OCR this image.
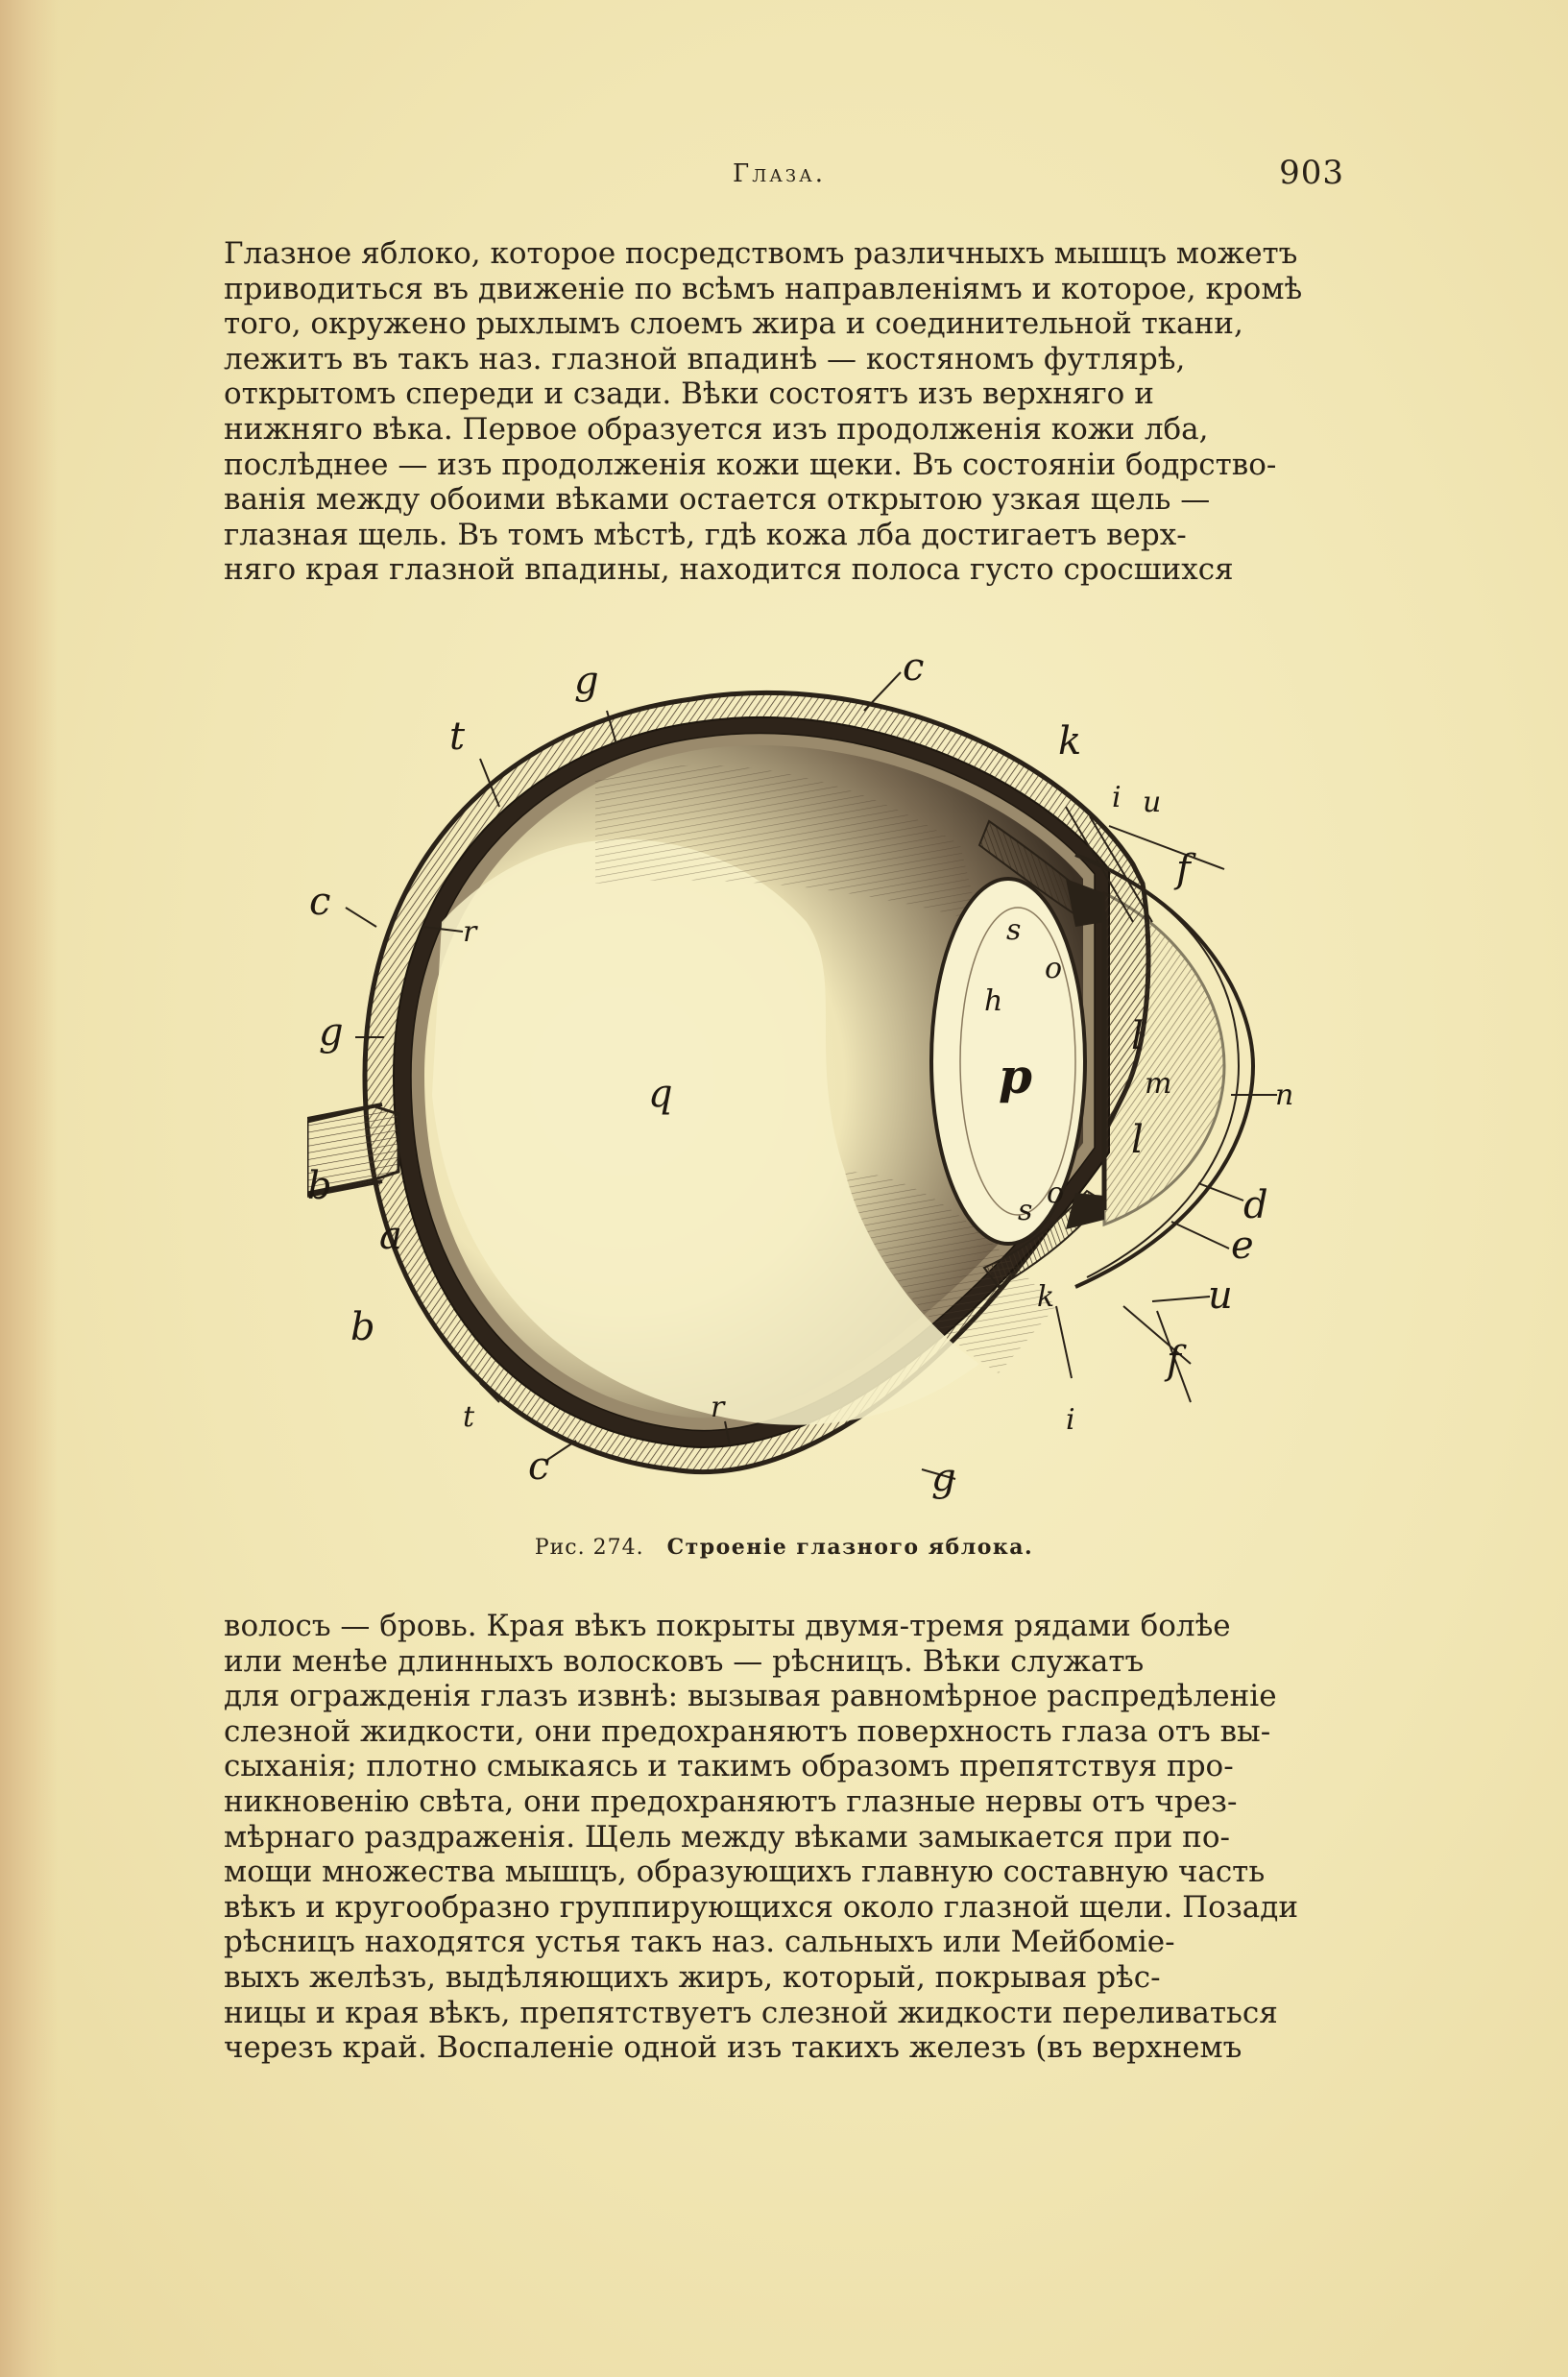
Глаза.	903
Глазное яблоко, которое посредствомъ различныхъ мышцъ можетъ
приводиться въ движеніе по всѣмъ направленіямъ и которое, кромѣ
того, окружено рыхлымъ слоемъ жира и соединительной ткани,
лежитъ въ такъ наз. глазной впадинѣ — костяномъ футлярѣ,
открытомъ спереди и сзади. Вѣки состоятъ изъ верхняго и
нижняго вѣка. Первое образуется изъ продолженія кожи лба,
послѣднее — изъ продолженія кожи щеки. Въ состояніи бодрство-
ванія между обоими вѣками остается открытою узкая щель —
глазная щель. Въ томъ мѣстѣ, гдѣ кожа лба достигаетъ верх-
няго края глазной впадины, находится полоса густо сросшихся
g	c
t	k
i u
f
c
r	s
o
h
g
q	p
l
m	n
l
b
a
o
s	d
e
k	u
b
f
r
t	i
c	g
Рис. 274. Строеніе глазного яблока.
волосъ — бровь. Края вѣкъ покрыты двумя-тремя рядами болѣе
или менѣе длинныхъ волосковъ — рѣсницъ. Вѣки служатъ
для огражденія глазъ извнѣ: вызывая равномѣрное распредѣленіе
слезной жидкости, они предохраняютъ поверхность глаза отъ вы-
сыханія; плотно смыкаясь и такимъ образомъ препятствуя про-
никновенію свѣта, они предохраняютъ глазные нервы отъ чрез-
мѣрнаго раздраженія. Щель между вѣками замыкается при по-
мощи множества мышцъ, образующихъ главную составную часть
вѣкъ и кругообразно группирующихся около глазной щели. Позади
рѣсницъ находятся устья такъ наз. сальныхъ или Мейбоміе-
выхъ желѣзъ, выдѣляющихъ жиръ, который, покрывая рѣс-
ницы и края вѣкъ, препятствуетъ слезной жидкости переливаться
черезъ край. Воспаленіе одной изъ такихъ железъ (въ верхнемъ
